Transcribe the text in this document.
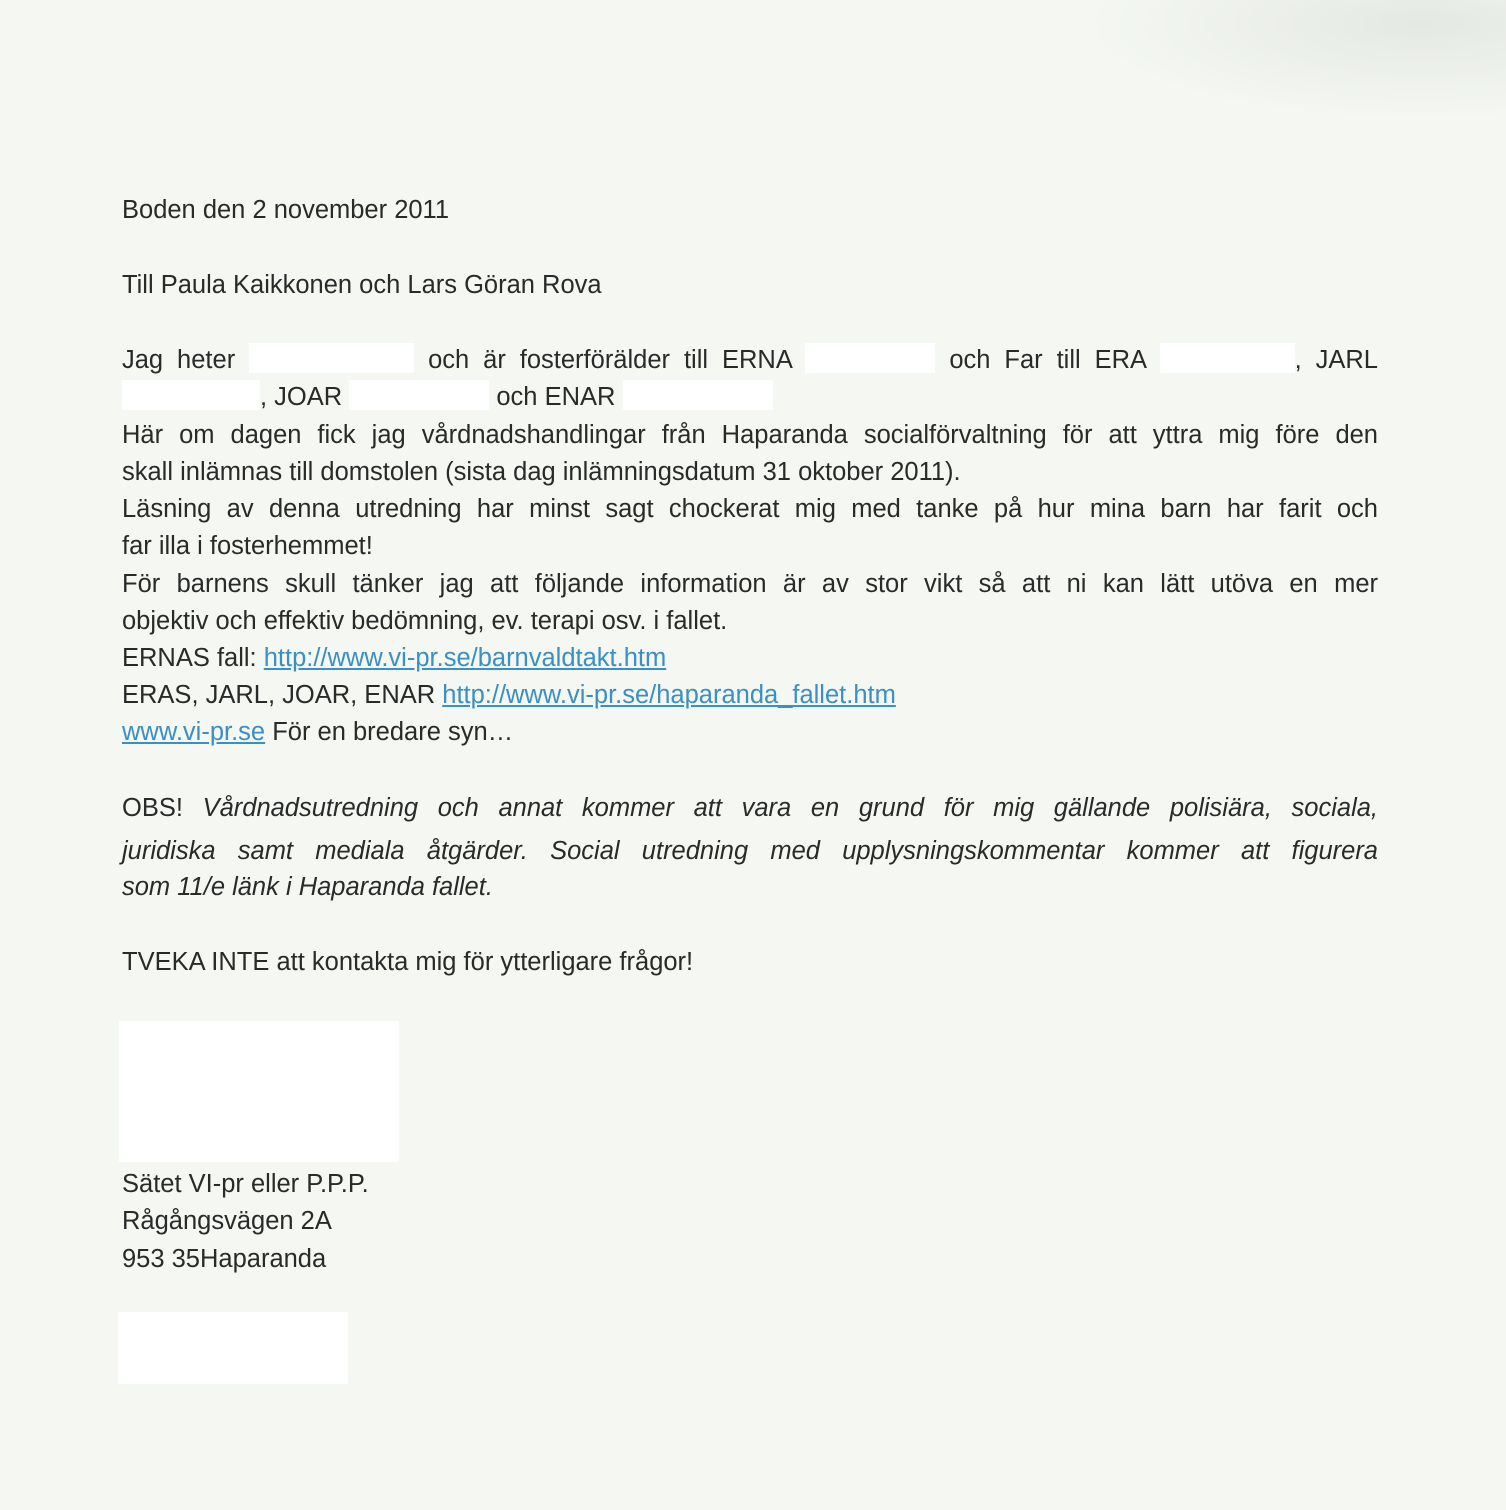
Boden den 2 november 2011

Till Paula Kaikkonen och Lars Göran Rova

Jag heter	och är fosterförälder till ERNA	och Far till ERA	, JARL

, JOAR	och ENAR

Här om dagen fick jag vårdnadshandlingar från Haparanda socialförvaltning för att yttra mig före den

skall inlämnas till domstolen (sista dag inlämningsdatum 31 oktober 2011).

Läsning av denna utredning har minst sagt chockerat mig med tanke på hur mina barn har farit och

far illa i fosterhemmet!

För barnens skull tänker jag att följande information är av stor vikt så att ni kan lätt utöva en mer

objektiv och effektiv bedömning, ev. terapi osv. i fallet.

ERNAS fall: http://www.vi-pr.se/barnvaldtakt.htm

ERAS, JARL, JOAR, ENAR http://www.vi-pr.se/haparanda_fallet.htm

www.vi-pr.se För en bredare syn…

OBS! Vårdnadsutredning och annat kommer att vara en grund för mig gällande polisiära, sociala,

juridiska samt mediala åtgärder. Social utredning med upplysningskommentar kommer att figurera

som 11/e länk i Haparanda fallet.

TVEKA INTE att kontakta mig för ytterligare frågor!

Sätet VI-pr eller P.P.P.

Rågångsvägen 2A

953 35Haparanda
